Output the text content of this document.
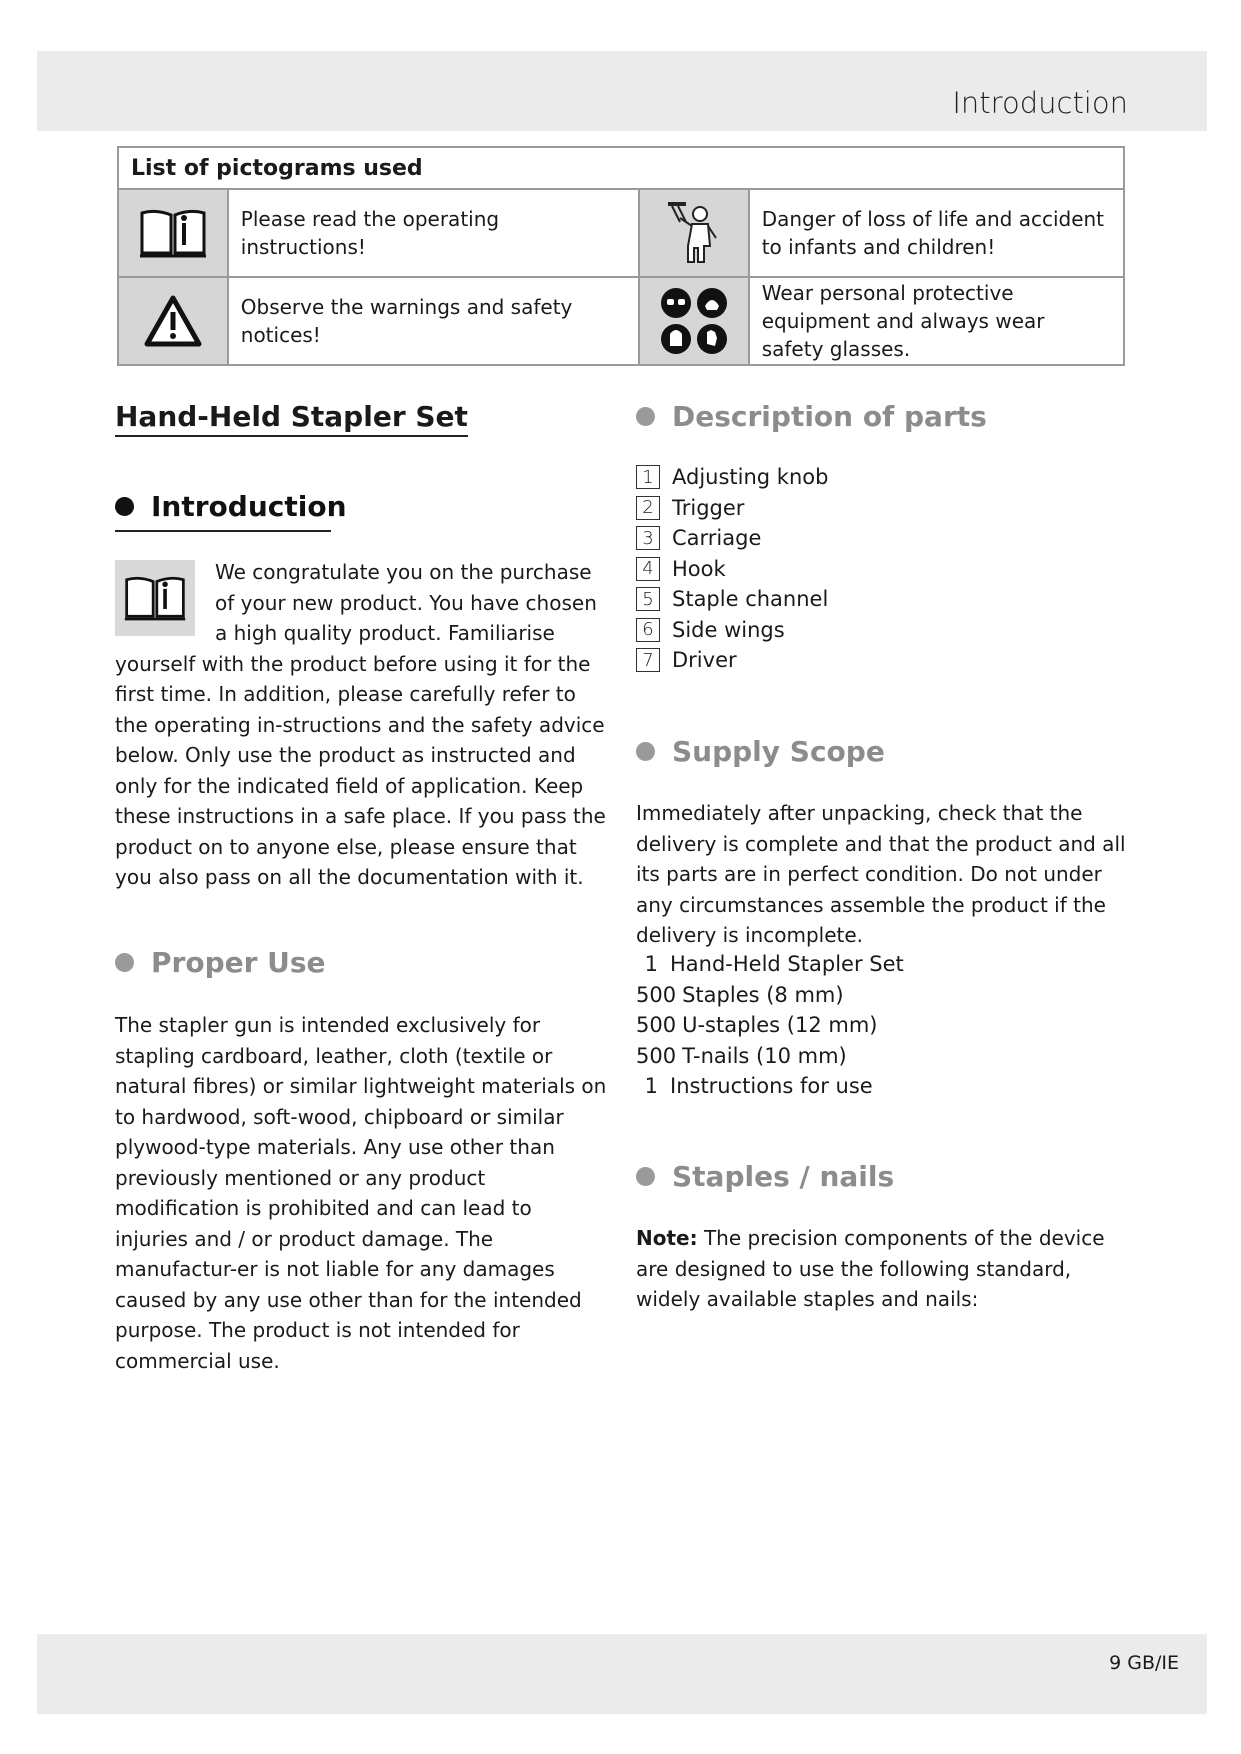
Introduction
List of pictograms used
Please read the operating instructions!
Danger of loss of life and accident to infants and children!
Observe the warnings and safety notices!
Wear personal protective equipment and always wear safety glasses.
Hand-Held Stapler Set
Introduction
We congratulate you on the purchase of your new product. You have chosen a high quality product. Familiarise yourself with the product before using it for the first time. In addition, please carefully refer to the operating in-structions and the safety advice below. Only use the product as instructed and only for the indicated field of application. Keep these instructions in a safe place. If you pass the product on to anyone else, please ensure that you also pass on all the documentation with it.
Proper Use
The stapler gun is intended exclusively for stapling cardboard, leather, cloth (textile or natural fibres) or similar lightweight materials on to hardwood, soft-wood, chipboard or similar plywood-type materials. Any use other than previously mentioned or any product modification is prohibited and can lead to injuries and / or product damage. The manufactur-er is not liable for any damages caused by any use other than for the intended purpose. The product is not intended for commercial use.
Description of parts
1 Adjusting knob
2 Trigger
3 Carriage
4 Hook
5 Staple channel
6 Side wings
7 Driver
Supply Scope
Immediately after unpacking, check that the delivery is complete and that the product and all its parts are in perfect condition. Do not under any circumstances assemble the product if the delivery is incomplete.
1 Hand-Held Stapler Set
500 Staples (8 mm)
500 U-staples (12 mm)
500 T-nails (10 mm)
1 Instructions for use
Staples / nails
Note: The precision components of the device are designed to use the following standard, widely available staples and nails:
9 GB/IE
